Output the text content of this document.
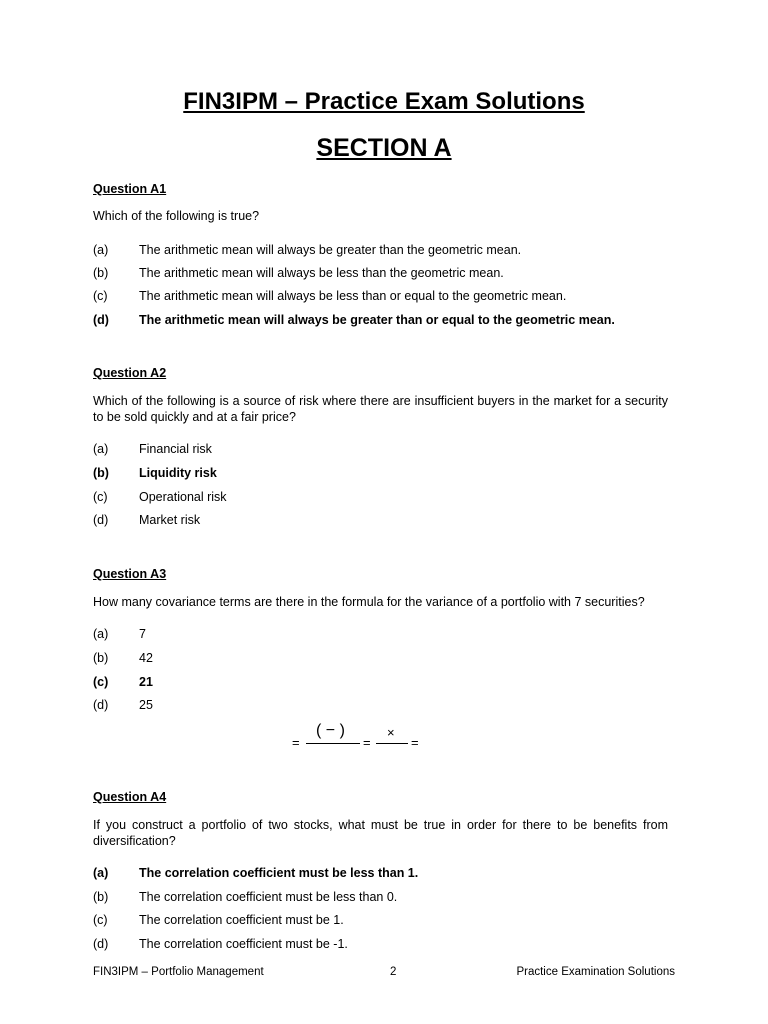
FIN3IPM – Practice Exam Solutions
SECTION A
Question A1
Which of the following is true?
(a) The arithmetic mean will always be greater than the geometric mean.
(b) The arithmetic mean will always be less than the geometric mean.
(c)	The arithmetic mean will always be less than or equal to the geometric mean.
(d) The arithmetic mean will always be greater than or equal to the geometric mean.
Question A2
Which of the following is a source of risk where there are insufficient buyers in the market for a security to be sold quickly and at a fair price?
(a) Financial risk
(b) Liquidity risk
(c)	Operational risk
(d) Market risk
Question A3
How many covariance terms are there in the formula for the variance of a portfolio with 7 securities?
(a) 7
(b) 42
(c) 21
(d) 25
=
( − )
=
×
=
Question A4
If you construct a portfolio of two stocks, what must be true in order for there to be benefits from diversification?
(a) The correlation coefficient must be less than 1.
(b) The correlation coefficient must be less than 0.
(c)	The correlation coefficient must be 1.
(d) The correlation coefficient must be -1.
FIN3IPM – Portfolio Management	2	Practice Examination Solutions
